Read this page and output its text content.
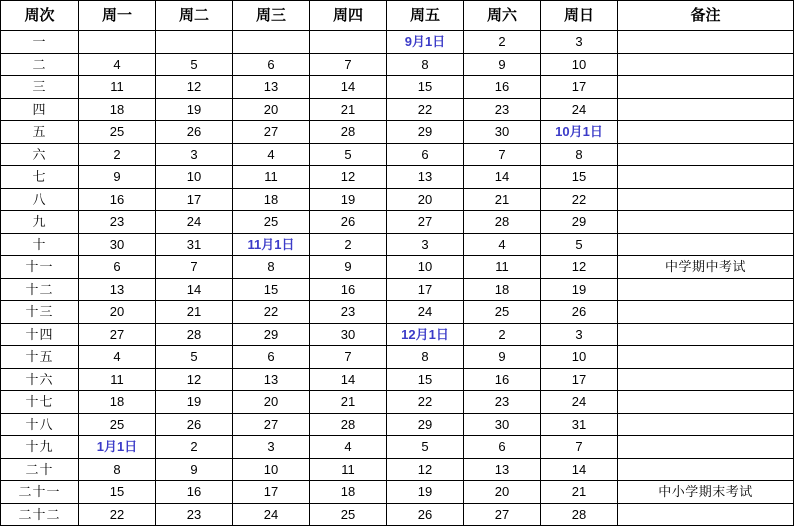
周次	周一	周二	周三	周四	周五	周六	周日	备注
一					9月1日	2	3	
二	4	5	6	7	8	9	10	
三	11	12	13	14	15	16	17	
四	18	19	20	21	22	23	24	
五	25	26	27	28	29	30	10月1日	
六	2	3	4	5	6	7	8	
七	9	10	11	12	13	14	15	
八	16	17	18	19	20	21	22	
九	23	24	25	26	27	28	29	
十	30	31	11月1日	2	3	4	5	
十一	6	7	8	9	10	11	12	中学期中考试
十二	13	14	15	16	17	18	19	
十三	20	21	22	23	24	25	26	
十四	27	28	29	30	12月1日	2	3	
十五	4	5	6	7	8	9	10	
十六	11	12	13	14	15	16	17	
十七	18	19	20	21	22	23	24	
十八	25	26	27	28	29	30	31	
十九	1月1日	2	3	4	5	6	7	
二十	8	9	10	11	12	13	14	
二十一	15	16	17	18	19	20	21	中小学期末考试
二十二	22	23	24	25	26	27	28	
